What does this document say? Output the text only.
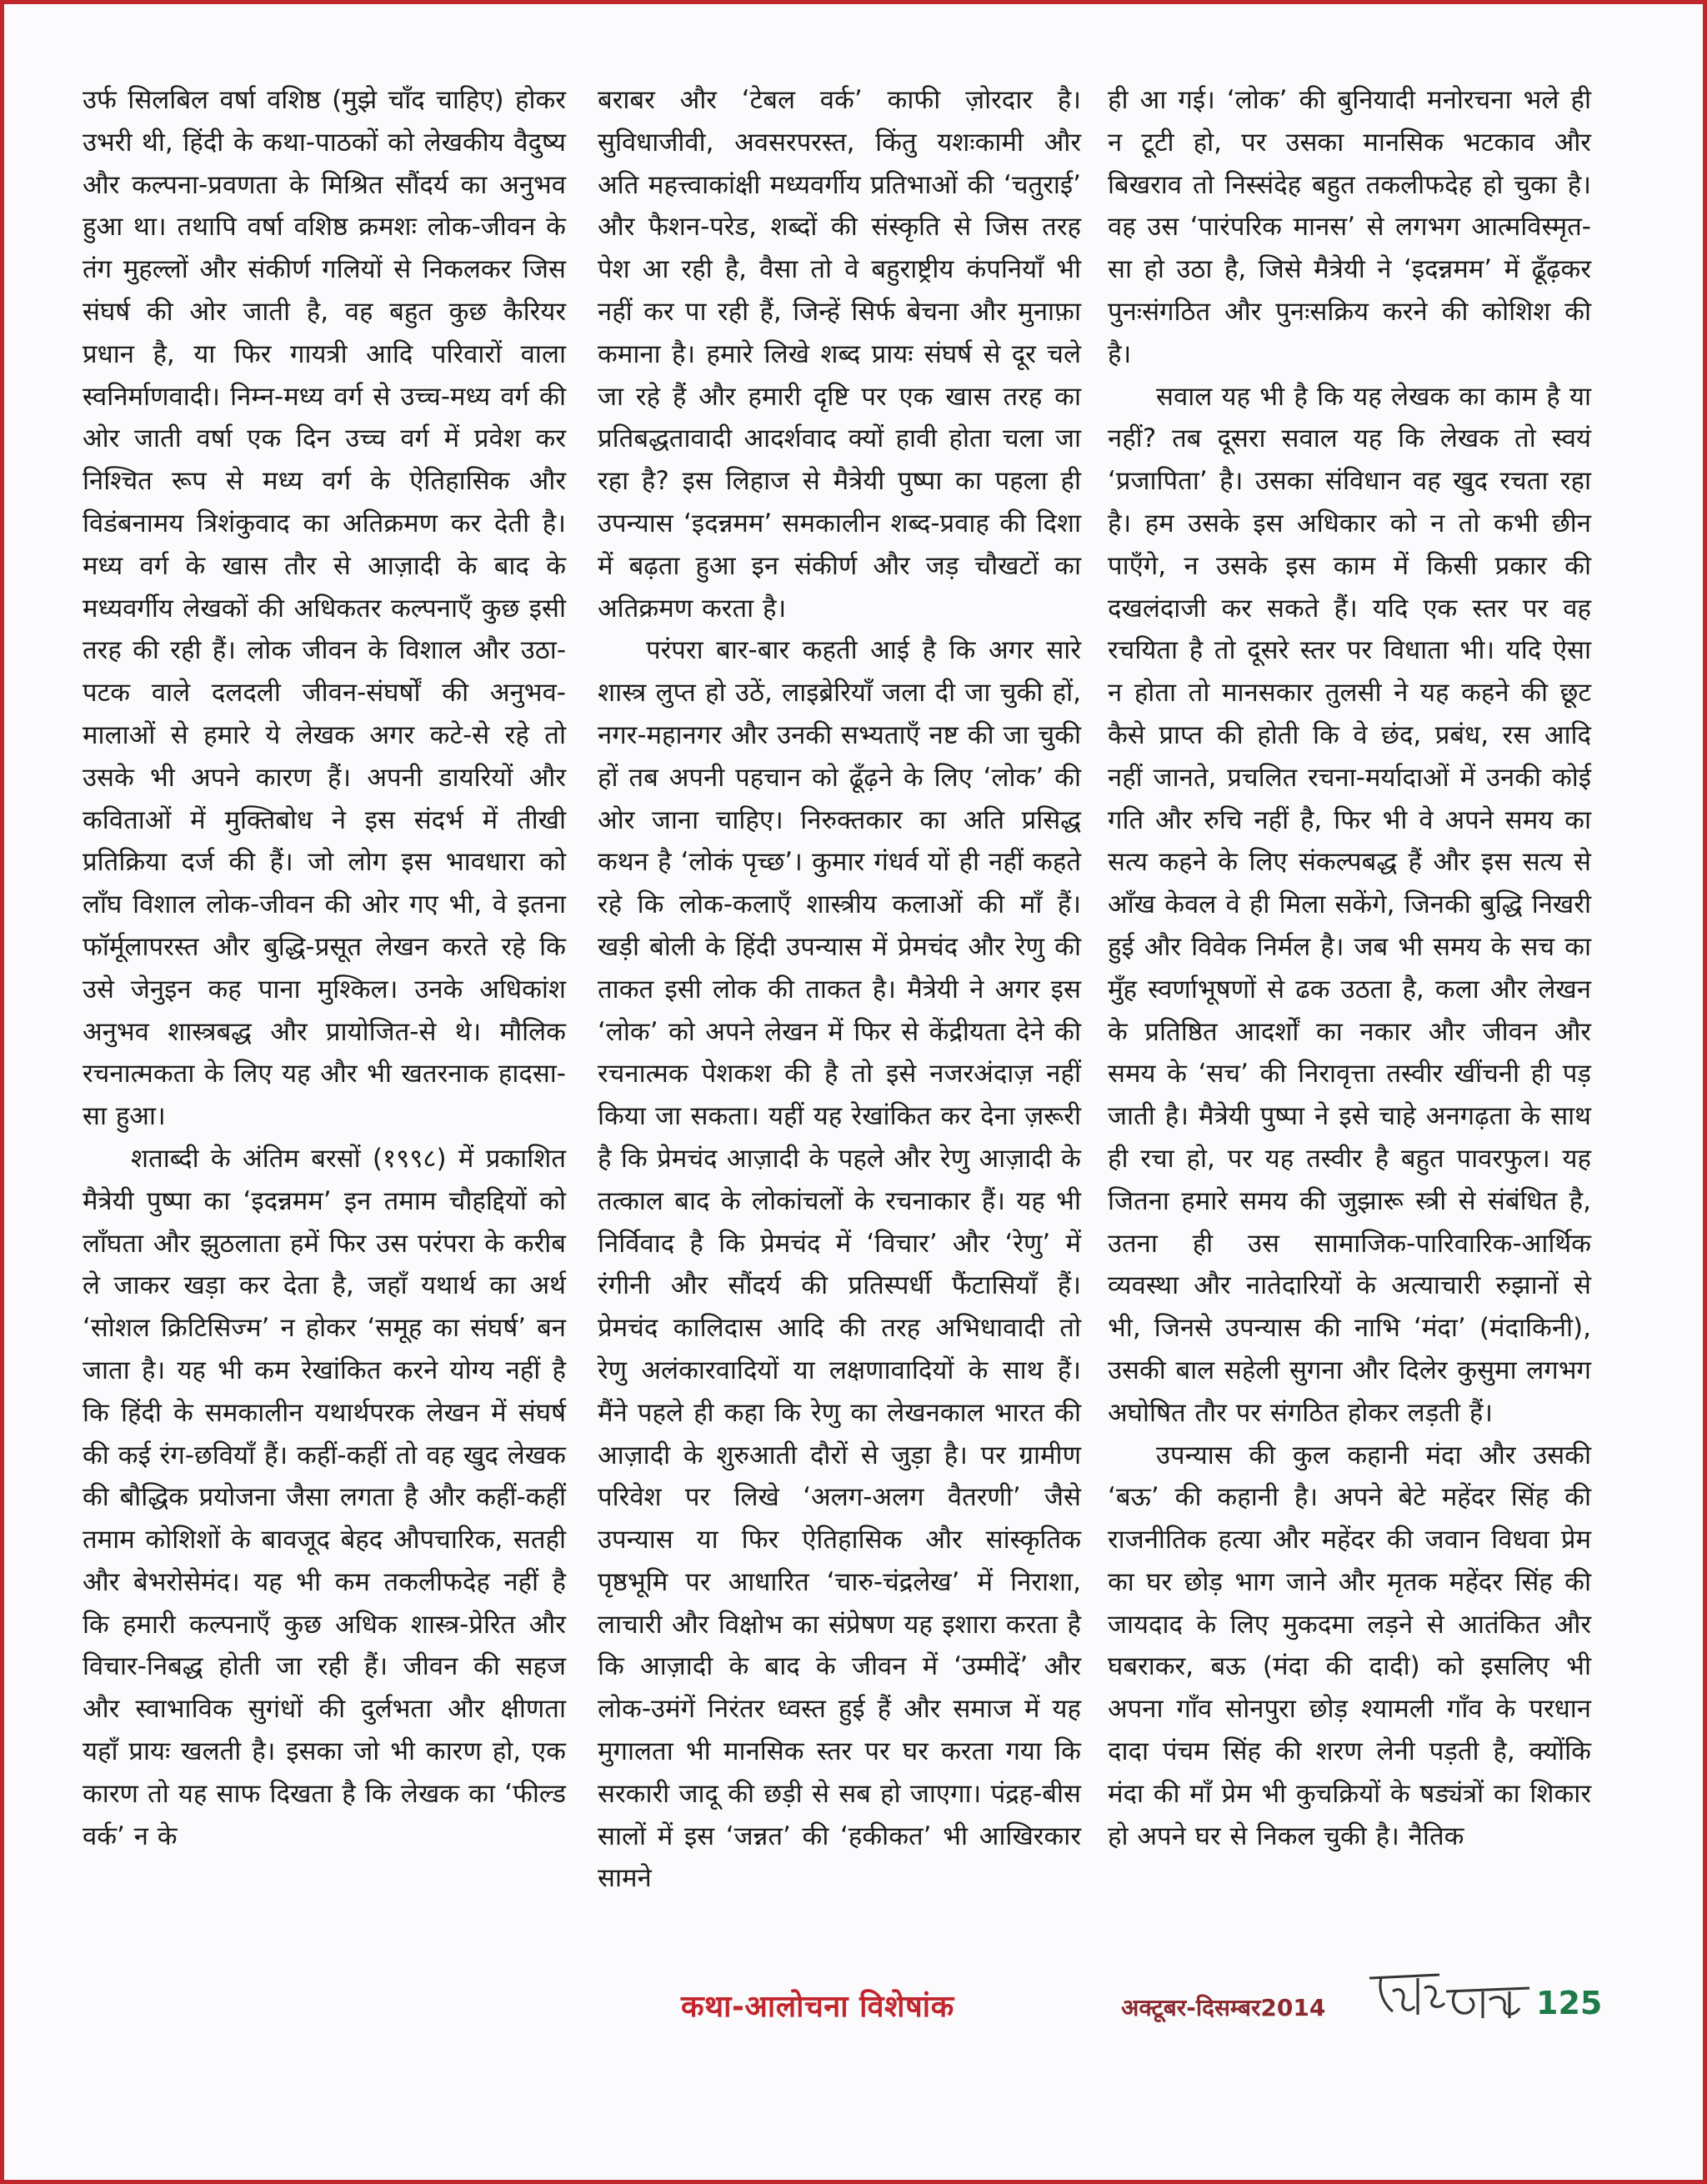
उर्फ सिलबिल वर्षा वशिष्ठ (मुझे चाँद चाहिए) होकर उभरी थी, हिंदी के कथा-पाठकों को लेखकीय वैदुष्य और कल्पना-प्रवणता के मिश्रित सौंदर्य का अनुभव हुआ था। तथापि वर्षा वशिष्ठ क्रमशः लोक-जीवन के तंग मुहल्लों और संकीर्ण गलियों से निकलकर जिस संघर्ष की ओर जाती है, वह बहुत कुछ कैरियर प्रधान है, या फिर गायत्री आदि परिवारों वाला स्वनिर्माणवादी। निम्न-मध्य वर्ग से उच्च-मध्य वर्ग की ओर जाती वर्षा एक दिन उच्च वर्ग में प्रवेश कर निश्चित रूप से मध्य वर्ग के ऐतिहासिक और विडंबनामय त्रिशंकुवाद का अतिक्रमण कर देती है। मध्य वर्ग के खास तौर से आज़ादी के बाद के मध्यवर्गीय लेखकों की अधिकतर कल्पनाएँ कुछ इसी तरह की रही हैं। लोक जीवन के विशाल और उठा-पटक वाले दलदली जीवन-संघर्षों की अनुभव-मालाओं से हमारे ये लेखक अगर कटे-से रहे तो उसके भी अपने कारण हैं। अपनी डायरियों और कविताओं में मुक्तिबोध ने इस संदर्भ में तीखी प्रतिक्रिया दर्ज की हैं। जो लोग इस भावधारा को लाँघ विशाल लोक-जीवन की ओर गए भी, वे इतना फॉर्मूलापरस्त और बुद्धि-प्रसूत लेखन करते रहे कि उसे जेनुइन कह पाना मुश्किल। उनके अधिकांश अनुभव शास्त्रबद्ध और प्रायोजित-से थे। मौलिक रचनात्मकता के लिए यह और भी खतरनाक हादसा-सा हुआ।

शताब्दी के अंतिम बरसों (१९९८) में प्रकाशित मैत्रेयी पुष्पा का ‘इदन्नमम’ इन तमाम चौहद्दियों को लाँघता और झुठलाता हमें फिर उस परंपरा के करीब ले जाकर खड़ा कर देता है, जहाँ यथार्थ का अर्थ ‘सोशल क्रिटिसिज्म’ न होकर ‘समूह का संघर्ष’ बन जाता है। यह भी कम रेखांकित करने योग्य नहीं है कि हिंदी के समकालीन यथार्थपरक लेखन में संघर्ष की कई रंग-छवियाँ हैं। कहीं-कहीं तो वह खुद लेखक की बौद्धिक प्रयोजना जैसा लगता है और कहीं-कहीं तमाम कोशिशों के बावजूद बेहद औपचारिक, सतही और बेभरोसेमंद। यह भी कम तकलीफदेह नहीं है कि हमारी कल्पनाएँ कुछ अधिक शास्त्र-प्रेरित और विचार-निबद्ध होती जा रही हैं। जीवन की सहज और स्वाभाविक सुगंधों की दुर्लभता और क्षीणता यहाँ प्रायः खलती है। इसका जो भी कारण हो, एक कारण तो यह साफ दिखता है कि लेखक का ‘फील्ड वर्क’ न के

बराबर और ‘टेबल वर्क’ काफी ज़ोरदार है। सुविधाजीवी, अवसरपरस्त, किंतु यशःकामी और अति महत्त्वाकांक्षी मध्यवर्गीय प्रतिभाओं की ‘चतुराई’ और फैशन-परेड, शब्दों की संस्कृति से जिस तरह पेश आ रही है, वैसा तो वे बहुराष्ट्रीय कंपनियाँ भी नहीं कर पा रही हैं, जिन्हें सिर्फ बेचना और मुनाफ़ा कमाना है। हमारे लिखे शब्द प्रायः संघर्ष से दूर चले जा रहे हैं और हमारी दृष्टि पर एक खास तरह का प्रतिबद्धतावादी आदर्शवाद क्यों हावी होता चला जा रहा है? इस लिहाज से मैत्रेयी पुष्पा का पहला ही उपन्यास ‘इदन्नमम’ समकालीन शब्द-प्रवाह की दिशा में बढ़ता हुआ इन संकीर्ण और जड़ चौखटों का अतिक्रमण करता है।

परंपरा बार-बार कहती आई है कि अगर सारे शास्त्र लुप्त हो उठें, लाइब्रेरियाँ जला दी जा चुकी हों, नगर-महानगर और उनकी सभ्यताएँ नष्ट की जा चुकी हों तब अपनी पहचान को ढूँढ़ने के लिए ‘लोक’ की ओर जाना चाहिए। निरुक्तकार का अति प्रसिद्ध कथन है ‘लोकं पृच्छ’। कुमार गंधर्व यों ही नहीं कहते रहे कि लोक-कलाएँ शास्त्रीय कलाओं की माँ हैं। खड़ी बोली के हिंदी उपन्यास में प्रेमचंद और रेणु की ताकत इसी लोक की ताकत है। मैत्रेयी ने अगर इस ‘लोक’ को अपने लेखन में फिर से केंद्रीयता देने की रचनात्मक पेशकश की है तो इसे नजरअंदाज़ नहीं किया जा सकता। यहीं यह रेखांकित कर देना ज़रूरी है कि प्रेमचंद आज़ादी के पहले और रेणु आज़ादी के तत्काल बाद के लोकांचलों के रचनाकार हैं। यह भी निर्विवाद है कि प्रेमचंद में ‘विचार’ और ‘रेणु’ में रंगीनी और सौंदर्य की प्रतिस्पर्धी फैंटासियाँ हैं। प्रेमचंद कालिदास आदि की तरह अभिधावादी तो रेणु अलंकारवादियों या लक्षणावादियों के साथ हैं। मैंने पहले ही कहा कि रेणु का लेखनकाल भारत की आज़ादी के शुरुआती दौरों से जुड़ा है। पर ग्रामीण परिवेश पर लिखे ‘अलग-अलग वैतरणी’ जैसे उपन्यास या फिर ऐतिहासिक और सांस्कृतिक पृष्ठभूमि पर आधारित ‘चारु-चंद्रलेख’ में निराशा, लाचारी और विक्षोभ का संप्रेषण यह इशारा करता है कि आज़ादी के बाद के जीवन में ‘उम्मीदें’ और लोक-उमंगें निरंतर ध्वस्त हुई हैं और समाज में यह मुगालता भी मानसिक स्तर पर घर करता गया कि सरकारी जादू की छड़ी से सब हो जाएगा। पंद्रह-बीस सालों में इस ‘जन्नत’ की ‘हकीकत’ भी आखिरकार सामने

ही आ गई। ‘लोक’ की बुनियादी मनोरचना भले ही न टूटी हो, पर उसका मानसिक भटकाव और बिखराव तो निस्संदेह बहुत तकलीफदेह हो चुका है। वह उस ‘पारंपरिक मानस’ से लगभग आत्मविस्मृत-सा हो उठा है, जिसे मैत्रेयी ने ‘इदन्नमम’ में ढूँढ़कर पुनःसंगठित और पुनःसक्रिय करने की कोशिश की है।

सवाल यह भी है कि यह लेखक का काम है या नहीं? तब दूसरा सवाल यह कि लेखक तो स्वयं ‘प्रजापिता’ है। उसका संविधान वह खुद रचता रहा है। हम उसके इस अधिकार को न तो कभी छीन पाएँगे, न उसके इस काम में किसी प्रकार की दखलंदाजी कर सकते हैं। यदि एक स्तर पर वह रचयिता है तो दूसरे स्तर पर विधाता भी। यदि ऐसा न होता तो मानसकार तुलसी ने यह कहने की छूट कैसे प्राप्त की होती कि वे छंद, प्रबंध, रस आदि नहीं जानते, प्रचलित रचना-मर्यादाओं में उनकी कोई गति और रुचि नहीं है, फिर भी वे अपने समय का सत्य कहने के लिए संकल्पबद्ध हैं और इस सत्य से आँख केवल वे ही मिला सकेंगे, जिनकी बुद्धि निखरी हुई और विवेक निर्मल है। जब भी समय के सच का मुँह स्वर्णाभूषणों से ढक उठता है, कला और लेखन के प्रतिष्ठित आदर्शों का नकार और जीवन और समय के ‘सच’ की निरावृत्ता तस्वीर खींचनी ही पड़ जाती है। मैत्रेयी पुष्पा ने इसे चाहे अनगढ़ता के साथ ही रचा हो, पर यह तस्वीर है बहुत पावरफुल। यह जितना हमारे समय की जुझारू स्त्री से संबंधित है, उतना ही उस सामाजिक-पारिवारिक-आर्थिक व्यवस्था और नातेदारियों के अत्याचारी रुझानों से भी, जिनसे उपन्यास की नाभि ‘मंदा’ (मंदाकिनी), उसकी बाल सहेली सुगना और दिलेर कुसुमा लगभग अघोषित तौर पर संगठित होकर लड़ती हैं।

उपन्यास की कुल कहानी मंदा और उसकी ‘बऊ’ की कहानी है। अपने बेटे महेंदर सिंह की राजनीतिक हत्या और महेंदर की जवान विधवा प्रेम का घर छोड़ भाग जाने और मृतक महेंदर सिंह की जायदाद के लिए मुकदमा लड़ने से आतंकित और घबराकर, बऊ (मंदा की दादी) को इसलिए भी अपना गाँव सोनपुरा छोड़ श्यामली गाँव के परधान दादा पंचम सिंह की शरण लेनी पड़ती है, क्योंकि मंदा की माँ प्रेम भी कुचक्रियों के षड्यंत्रों का शिकार हो अपने घर से निकल चुकी है। नैतिक

कथा-आलोचना विशेषांक	अक्टूबर-दिसम्बर2014	125
